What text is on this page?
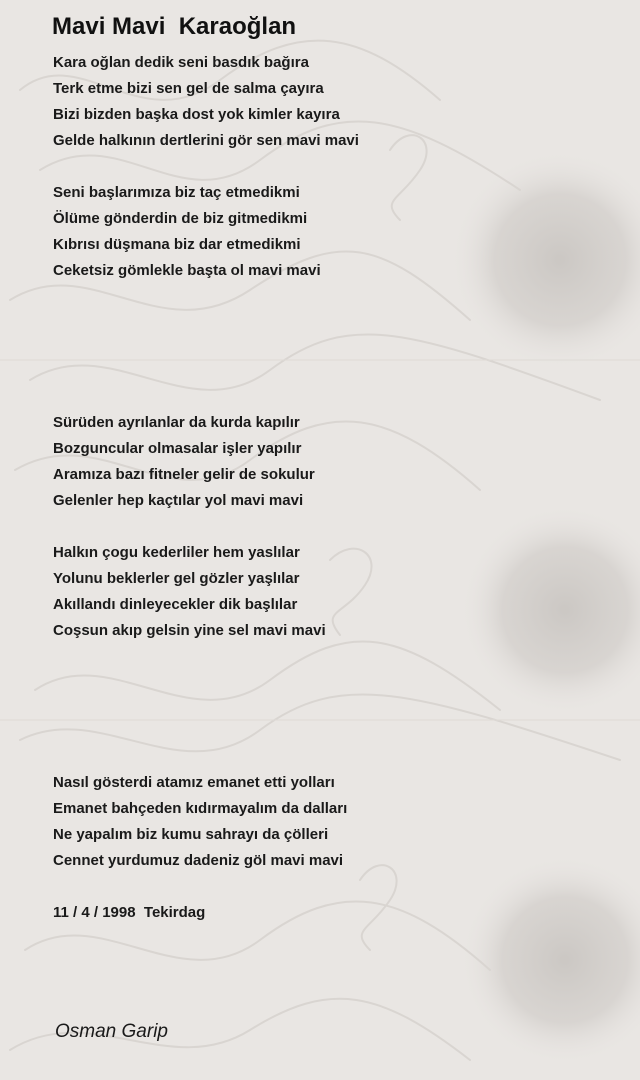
Mavi Mavi  Karaoğlan

Kara oğlan dedik seni basdık bağıra

Terk etme bizi sen gel de salma çayıra

Bizi bizden başka dost yok kimler kayıra

Gelde halkının dertlerini gör sen mavi mavi

Seni başlarımıza biz taç etmedikmi

Ölüme gönderdin de biz gitmedikmi

Kıbrısı düşmana biz dar etmedikmi

Ceketsiz gömlekle başta ol mavi mavi

Sürüden ayrılanlar da kurda kapılır

Bozguncular olmasalar işler yapılır

Aramıza bazı fitneler gelir de sokulur

Gelenler hep kaçtılar yol mavi mavi

Halkın çogu kederliler hem yaslılar

Yolunu beklerler gel gözler yaşlılar

Akıllandı dinleyecekler dik başlılar

Coşsun akıp gelsin yine sel mavi mavi

Nasıl gösterdi atamız emanet etti yolları

Emanet bahçeden kıdırmayalım da dalları

Ne yapalım biz kumu sahrayı da çölleri

Cennet yurdumuz dadeniz göl mavi mavi

11 / 4 / 1998  Tekirdag

Osman Garip
